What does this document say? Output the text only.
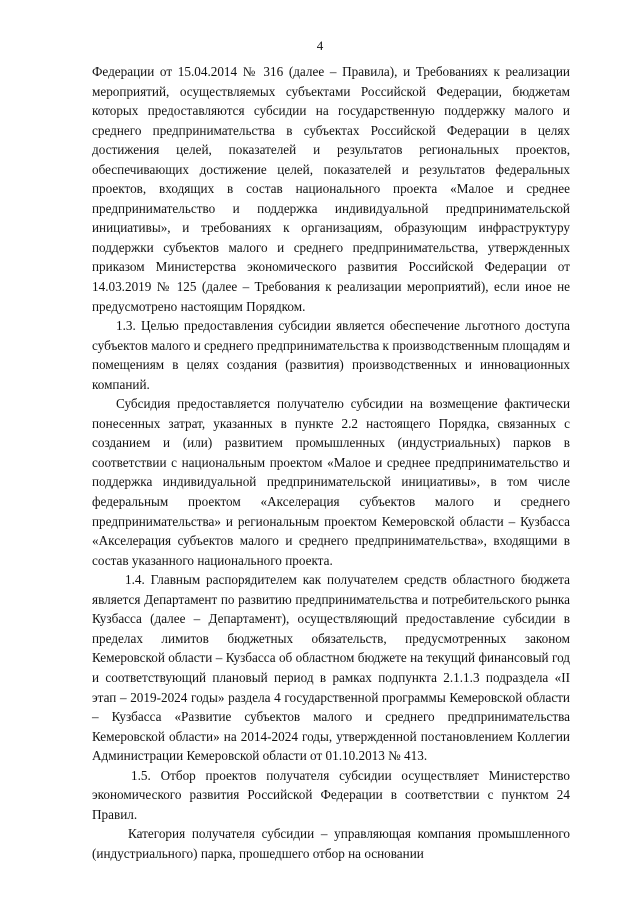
4

Федерации от 15.04.2014 № 316 (далее – Правила), и Требованиях к реализации мероприятий, осуществляемых субъектами Российской Федерации, бюджетам которых предоставляются субсидии на государственную поддержку малого и среднего предпринимательства в субъектах Российской Федерации в целях достижения целей, показателей и результатов региональных проектов, обеспечивающих достижение целей, показателей и результатов федеральных проектов, входящих в состав национального проекта «Малое и среднее предпринимательство и поддержка индивидуальной предпринимательской инициативы», и требованиях к организациям, образующим инфраструктуру поддержки субъектов малого и среднего предпринимательства, утвержденных приказом Министерства экономического развития Российской Федерации от 14.03.2019 № 125 (далее – Требования к реализации мероприятий), если иное не предусмотрено настоящим Порядком.

1.3. Целью предоставления субсидии является обеспечение льготного доступа субъектов малого и среднего предпринимательства к производственным площадям и помещениям в целях создания (развития) производственных и инновационных компаний.

Субсидия предоставляется получателю субсидии на возмещение фактически понесенных затрат, указанных в пункте 2.2 настоящего Порядка, связанных с созданием и (или) развитием промышленных (индустриальных) парков в соответствии с национальным проектом «Малое и среднее предпринимательство и поддержка индивидуальной предпринимательской инициативы», в том числе федеральным проектом «Акселерация субъектов малого и среднего предпринимательства» и региональным проектом Кемеровской области – Кузбасса «Акселерация субъектов малого и среднего предпринимательства», входящими в состав указанного национального проекта.

1.4. Главным распорядителем как получателем средств областного бюджета является Департамент по развитию предпринимательства и потребительского рынка Кузбасса (далее – Департамент), осуществляющий предоставление субсидии в пределах лимитов бюджетных обязательств, предусмотренных законом Кемеровской области – Кузбасса об областном бюджете на текущий финансовый год и соответствующий плановый период в рамках подпункта 2.1.1.3 подраздела «II этап – 2019-2024 годы» раздела 4 государственной программы Кемеровской области – Кузбасса «Развитие субъектов малого и среднего предпринимательства Кемеровской области» на 2014-2024 годы, утвержденной постановлением Коллегии Администрации Кемеровской области от 01.10.2013 № 413.

1.5. Отбор проектов получателя субсидии осуществляет Министерство экономического развития Российской Федерации в соответствии с пунктом 24 Правил.

Категория получателя субсидии – управляющая компания промышленного (индустриального) парка, прошедшего отбор на основании
